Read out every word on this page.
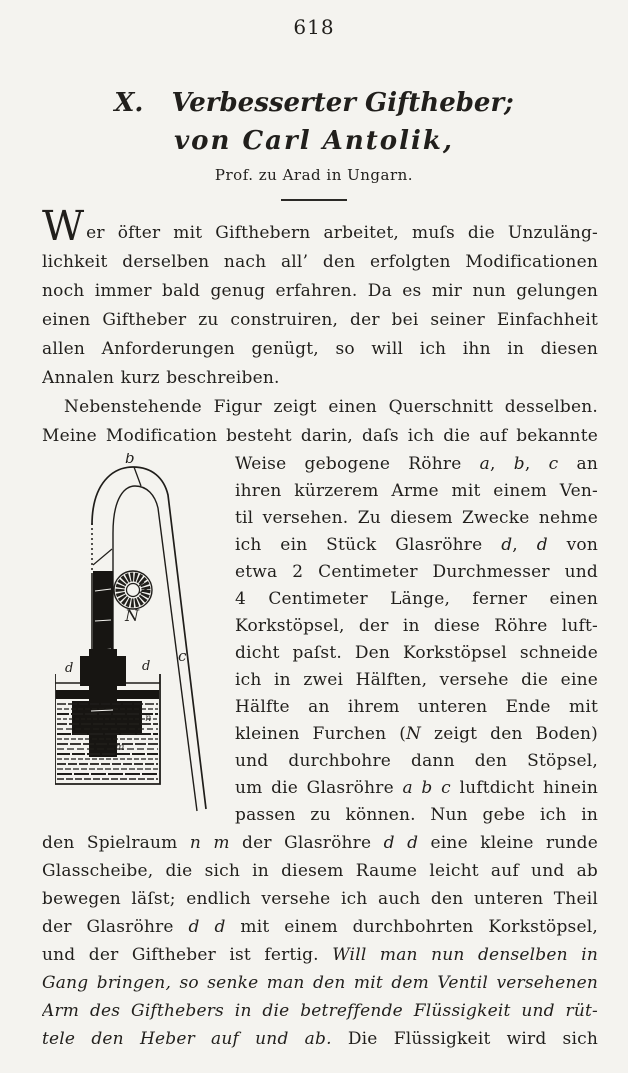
618
X. Verbesserter Giftheber;
von Carl Antolik,
Prof. zu Arad in Ungarn.
Wer öfter mit Gifthebern arbeitet, muſs die Unzuläng-
lichkeit derselben nach all’ den erfolgten Modificationen
noch immer bald genug erfahren. Da es mir nun gelungen
einen Giftheber zu construiren, der bei seiner Einfachheit
allen Anforderungen genügt, so will ich ihn in diesen
Annalen kurz beschreiben.
Nebenstehende Figur zeigt einen Querschnitt desselben.
Meine Modification besteht darin, daſs ich die auf bekannte
b
c
N
d	d
n
m
Weise gebogene Röhre a, b, c an
ihren kürzerem Arme mit einem Ven-
til versehen. Zu diesem Zwecke nehme
ich ein Stück Glasröhre d, d von
etwa 2 Centimeter Durchmesser und
4 Centimeter Länge, ferner einen
Korkstöpsel, der in diese Röhre luft-
dicht paſst. Den Korkstöpsel schneide
ich in zwei Hälften, versehe die eine
Hälfte an ihrem unteren Ende mit
kleinen Furchen (N zeigt den Boden)
und durchbohre dann den Stöpsel,
um die Glasröhre a b c luftdicht hinein
passen zu können. Nun gebe ich in
den Spielraum n m der Glasröhre d d eine kleine runde
Glasscheibe, die sich in diesem Raume leicht auf und ab
bewegen läſst; endlich versehe ich auch den unteren Theil
der Glasröhre d d mit einem durchbohrten Korkstöpsel,
und der Giftheber ist fertig. Will man nun denselben in
Gang bringen, so senke man den mit dem Ventil versehenen
Arm des Gifthebers in die betreffende Flüssigkeit und rüt-
tele den Heber auf und ab. Die Flüssigkeit wird sich
